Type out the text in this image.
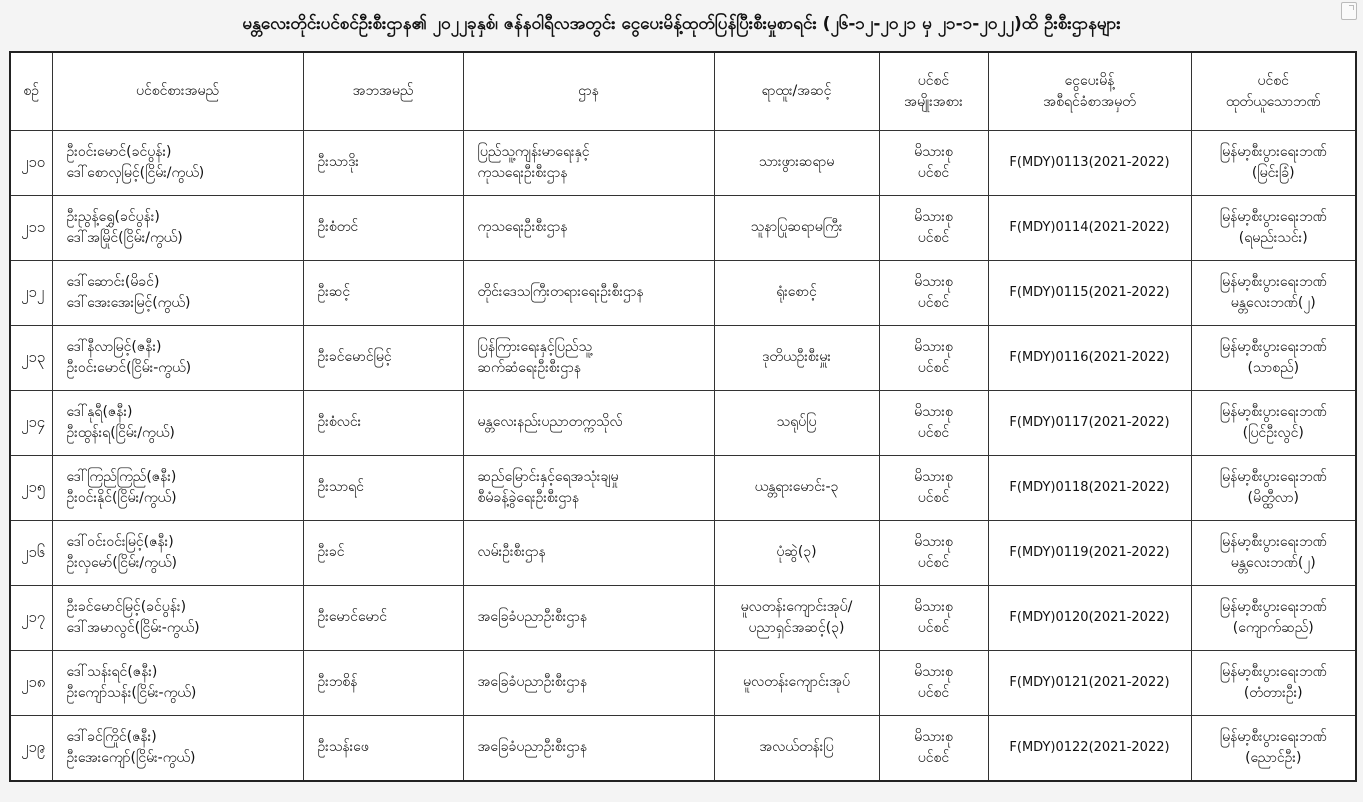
မန္တလေးတိုင်းပင်စင်ဦးစီးဌာန၏ ၂၀၂၂ခုနှစ်၊ ဇန်နဝါရီလအတွင်း ငွေပေးမိန့်ထုတ်ပြန်ပြီးစီးမှုစာရင်း (၂၆-၁၂-၂၀၂၁ မှ ၂၁-၁-၂၀၂၂)ထိ ဦးစီးဌာနများ
စဉ်	ပင်စင်စားအမည်	အဘအမည်	ဌာန	ရာထူး/အဆင့်	ပင်စင်
အမျိုးအစား	ငွေပေးမိန့်
အစီရင်ခံစာအမှတ်	ပင်စင်
ထုတ်ယူသောဘဏ်

၂၁၀	ဦးဝင်းမောင်(ခင်ပွန်း)
ဒေါ်စောလှမြင့်(ငြိမ်း/ကွယ်)	ဦးသာဒိုး	ပြည်သူ့ကျန်းမာရေးနှင့်
ကုသရေးဦးစီးဌာန	သားဖွားဆရာမ	မိသားစု
ပင်စင်	F(MDY)0113(2021-2022)	မြန်မာ့စီးပွားရေးဘဏ်
(မြင်းခြံ)

၂၁၁	ဦးညွန့်ရွှေ(ခင်ပွန်း)
ဒေါ်အမြိုင်(ငြိမ်း/ကွယ်)	ဦးစံတင်	ကုသရေးဦးစီးဌာန	သူနာပြုဆရာမကြီး	မိသားစု
ပင်စင်	F(MDY)0114(2021-2022)	မြန်မာ့စီးပွားရေးဘဏ်
(ရမည်းသင်း)

၂၁၂	ဒေါ်ဆောင်း(မိခင်)
ဒေါ်အေးအေးမြင့်(ကွယ်)	ဦးဆင့်	တိုင်းဒေသကြီးတရားရေးဦးစီးဌာန	ရုံးစောင့်	မိသားစု
ပင်စင်	F(MDY)0115(2021-2022)	မြန်မာ့စီးပွားရေးဘဏ်
မန္တလေးဘဏ်(၂)

၂၁၃	ဒေါ်နီလာမြင့်(ဇနီး)
ဦးဝင်းမောင်(ငြိမ်း-ကွယ်)	ဦးခင်မောင်မြင့်	ပြန်ကြားရေးနှင့်ပြည်သူ့
ဆက်ဆံရေးဦးစီးဌာန	ဒုတိယဦးစီးမှူး	မိသားစု
ပင်စင်	F(MDY)0116(2021-2022)	မြန်မာ့စီးပွားရေးဘဏ်
(သာစည်)

၂၁၄	ဒေါ်နုရီ(ဇနီး)
ဦးထွန်းရ(ငြိမ်း/ကွယ်)	ဦးစံလင်း	မန္တလေးနည်းပညာတက္ကသိုလ်	သရုပ်ပြ	မိသားစု
ပင်စင်	F(MDY)0117(2021-2022)	မြန်မာ့စီးပွားရေးဘဏ်
(ပြင်ဦးလွင်)

၂၁၅	ဒေါ်ကြည်ကြည်(ဇနီး)
ဦးဝင်းနိုင်(ငြိမ်း/ကွယ်)	ဦးသာရင်	ဆည်မြောင်းနှင့်ရေအသုံးချမှု
စီမံခန့်ခွဲရေးဦးစီးဌာန	ယန္တရားမောင်း-၃	မိသားစု
ပင်စင်	F(MDY)0118(2021-2022)	မြန်မာ့စီးပွားရေးဘဏ်
(မိတ္ထီလာ)

၂၁၆	ဒေါ်ဝင်းဝင်းမြင့်(ဇနီး)
ဦးလှမော်(ငြိမ်း/ကွယ်)	ဦးခင်	လမ်းဦးစီးဌာန	ပုံဆွဲ(၃)	မိသားစု
ပင်စင်	F(MDY)0119(2021-2022)	မြန်မာ့စီးပွားရေးဘဏ်
မန္တလေးဘဏ်(၂)

၂၁၇	ဦးခင်မောင်မြင့်(ခင်ပွန်း)
ဒေါ်အမာလွင်(ငြိမ်း-ကွယ်)	ဦးမောင်မောင်	အခြေခံပညာဦးစီးဌာန	မူလတန်းကျောင်းအုပ်/
ပညာရှင်အဆင့်(၃)	မိသားစု
ပင်စင်	F(MDY)0120(2021-2022)	မြန်မာ့စီးပွားရေးဘဏ်
(ကျောက်ဆည်)

၂၁၈	ဒေါ်သန်းရင်(ဇနီး)
ဦးကျော်သန်း(ငြိမ်း-ကွယ်)	ဦးဘစိန်	အခြေခံပညာဦးစီးဌာန	မူလတန်းကျောင်းအုပ်	မိသားစု
ပင်စင်	F(MDY)0121(2021-2022)	မြန်မာ့စီးပွားရေးဘဏ်
(တံတားဦး)

၂၁၉	ဒေါ်ခင်ကြိုင်(ဇနီး)
ဦးအေးကျော်(ငြိမ်း-ကွယ်)	ဦးသန်းဖေ	အခြေခံပညာဦးစီးဌာန	အလယ်တန်းပြ	မိသားစု
ပင်စင်	F(MDY)0122(2021-2022)	မြန်မာ့စီးပွားရေးဘဏ်
(ညောင်ဦး)
